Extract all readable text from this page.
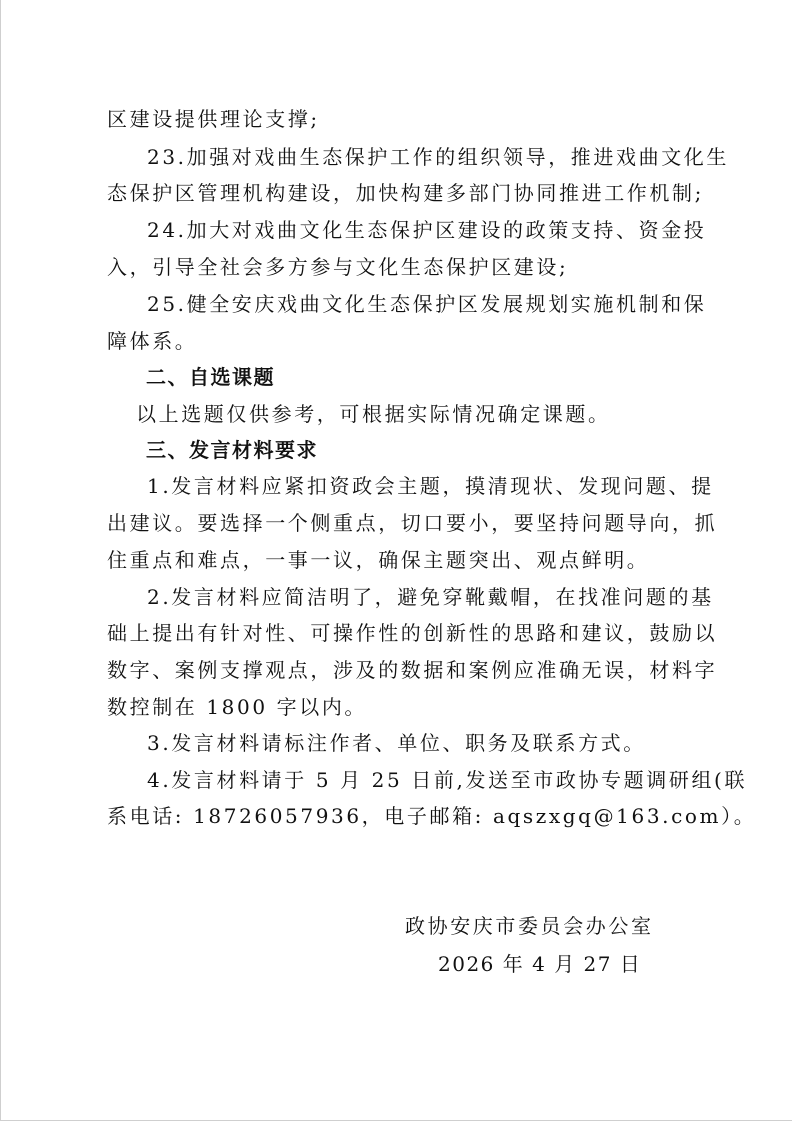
区建设提供理论支撑;
23.加强对戏曲生态保护工作的组织领导，推进戏曲文化生
态保护区管理机构建设，加快构建多部门协同推进工作机制;
24.加大对戏曲文化生态保护区建设的政策支持、资金投
入，引导全社会多方参与文化生态保护区建设;
25.健全安庆戏曲文化生态保护区发展规划实施机制和保
障体系。
二、自选课题
以上选题仅供参考，可根据实际情况确定课题。
三、发言材料要求
1.发言材料应紧扣资政会主题，摸清现状、发现问题、提
出建议。要选择一个侧重点，切口要小，要坚持问题导向，抓
住重点和难点，一事一议，确保主题突出、观点鲜明。
2.发言材料应简洁明了，避免穿靴戴帽，在找准问题的基
础上提出有针对性、可操作性的创新性的思路和建议，鼓励以
数字、案例支撑观点，涉及的数据和案例应准确无误，材料字
数控制在 1800 字以内。
3.发言材料请标注作者、单位、职务及联系方式。
4.发言材料请于 5 月 25 日前,发送至市政协专题调研组(联
系电话: 18726057936，电子邮箱: aqszxgq@163.com）。
政协安庆市委员会办公室
2026 年 4 月 27 日
